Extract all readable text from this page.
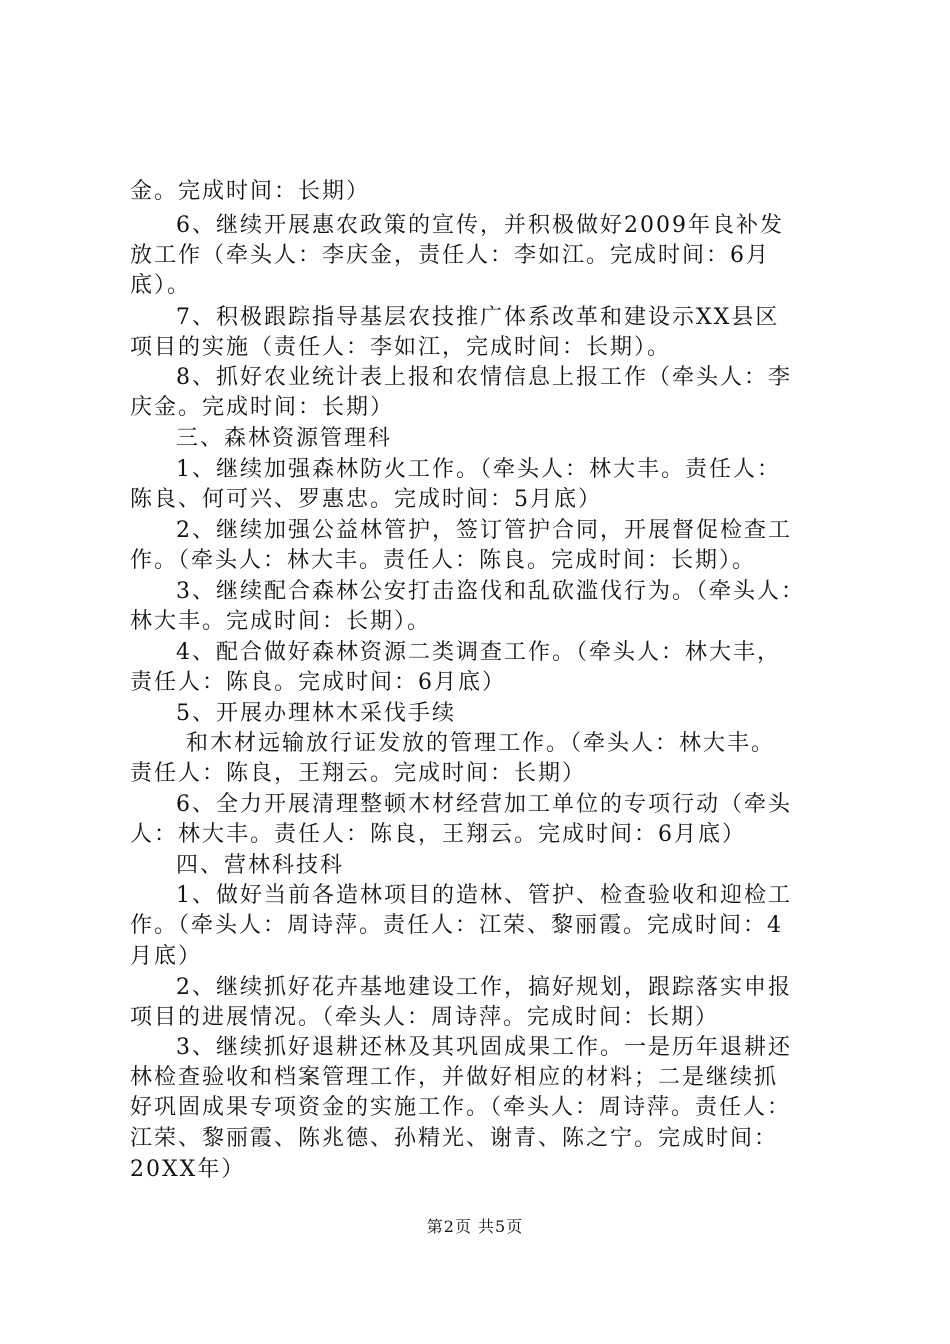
金。完成时间：长期）
6、继续开展惠农政策的宣传，并积极做好2009年良补发
放工作（牵头人：李庆金，责任人：李如江。完成时间：6月
底）。
7、积极跟踪指导基层农技推广体系改革和建设示XX县区
项目的实施（责任人：李如江，完成时间：长期）。
8、抓好农业统计表上报和农情信息上报工作（牵头人：李
庆金。完成时间：长期）
三、森林资源管理科
1、继续加强森林防火工作。（牵头人：林大丰。责任人：
陈良、何可兴、罗惠忠。完成时间：5月底）
2、继续加强公益林管护，签订管护合同，开展督促检查工
作。（牵头人：林大丰。责任人：陈良。完成时间：长期）。
3、继续配合森林公安打击盗伐和乱砍滥伐行为。（牵头人：
林大丰。完成时间：长期）。
4、配合做好森林资源二类调查工作。（牵头人：林大丰，
责任人：陈良。完成时间：6月底）
5、开展办理林木采伐手续
和木材远输放行证发放的管理工作。（牵头人：林大丰。
责任人：陈良，王翔云。完成时间：长期）
6、全力开展清理整顿木材经营加工单位的专项行动（牵头
人：林大丰。责任人：陈良，王翔云。完成时间：6月底）
四、营林科技科
1、做好当前各造林项目的造林、管护、检查验收和迎检工
作。（牵头人：周诗萍。责任人：江荣、黎丽霞。完成时间：4
月底）
2、继续抓好花卉基地建设工作，搞好规划，跟踪落实申报
项目的进展情况。（牵头人：周诗萍。完成时间：长期）
3、继续抓好退耕还林及其巩固成果工作。一是历年退耕还
林检查验收和档案管理工作，并做好相应的材料；二是继续抓
好巩固成果专项资金的实施工作。（牵头人：周诗萍。责任人：
江荣、黎丽霞、陈兆德、孙精光、谢青、陈之宁。完成时间：
20XX年）
第2页 共5页
